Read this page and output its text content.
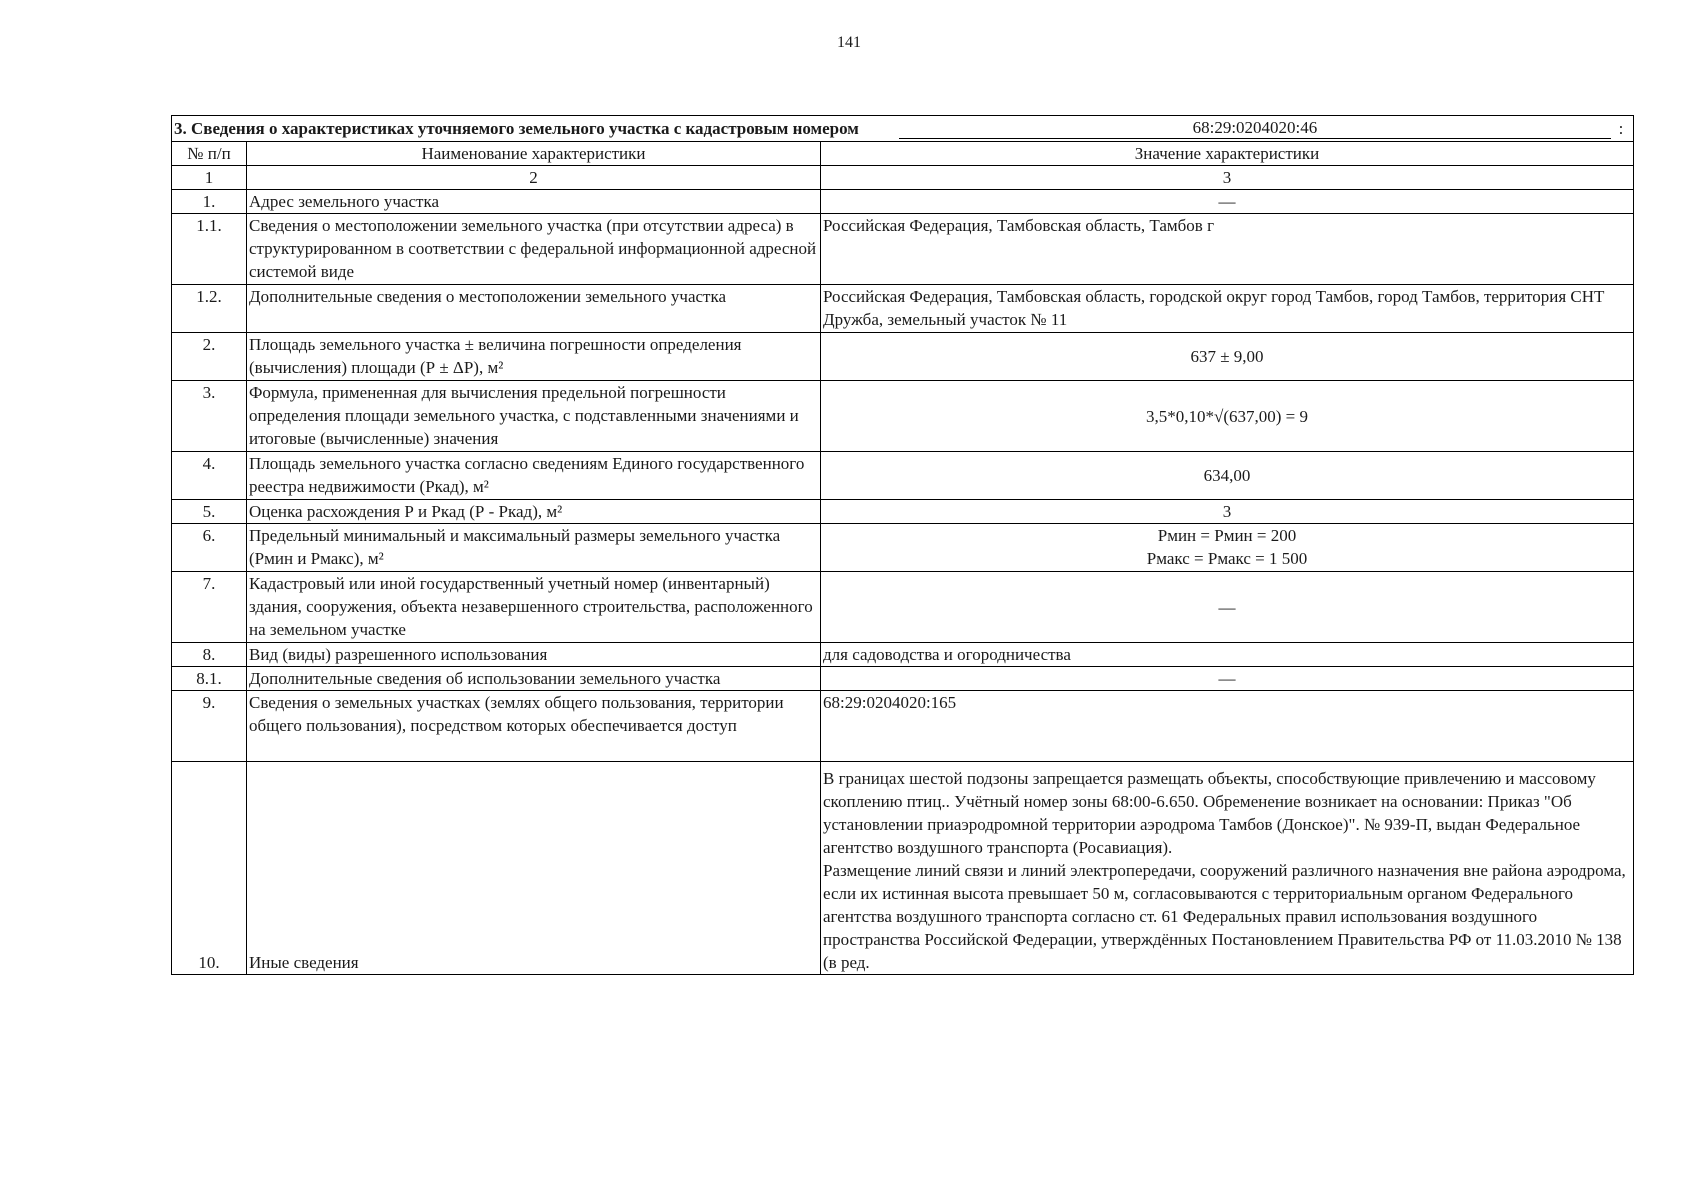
141
3. Сведения о характеристиках уточняемого земельного участка с кадастровым номером 68:29:0204020:46 :		

№ п/п	Наименование характеристики	Значение характеристики
1	2	3
1.	Адрес земельного участка	—
1.1.	Сведения о местоположении земельного участка (при отсутствии адреса) в структурированном в соответствии с федеральной информационной адресной системой виде	Российская Федерация, Тамбовская область, Тамбов г
1.2.	Дополнительные сведения о местоположении земельного участка	Российская Федерация, Тамбовская область, городской округ город Тамбов, город Тамбов, территория СНТ Дружба, земельный участок № 11
2.	Площадь земельного участка ± величина погрешности определения (вычисления) площади (Р ± ΔР), м²	637 ± 9,00
3.	Формула, примененная для вычисления предельной погрешности определения площади земельного участка, с подставленными значениями и итоговые (вычисленные) значения	3,5*0,10*√(637,00) = 9
4.	Площадь земельного участка согласно сведениям Единого государственного реестра недвижимости (Ркад), м²	634,00
5.	Оценка расхождения Р и Ркад (Р - Ркад), м²	3
6.	Предельный минимальный и максимальный размеры земельного участка (Рмин и Рмакс), м²	Рмин = Рмин = 200
Рмакс = Рмакс = 1 500
7.	Кадастровый или иной государственный учетный номер (инвентарный) здания, сооружения, объекта незавершенного строительства, расположенного на земельном участке	—
8.	Вид (виды) разрешенного использования	для садоводства и огородничества
8.1.	Дополнительные сведения об использовании земельного участка	—
9.	Сведения о земельных участках (землях общего пользования, территории общего пользования), посредством которых обеспечивается доступ	68:29:0204020:165
10.	Иные сведения	В границах шестой подзоны запрещается размещать объекты, способствующие привлечению и массовому скоплению птиц.. Учётный номер зоны 68:00-6.650. Обременение возникает на основании: Приказ "Об установлении приаэродромной территории аэродрома Тамбов (Донское)". № 939-П, выдан Федеральное агентство воздушного транспорта (Росавиация).
Размещение линий связи и линий электропередачи, сооружений различного назначения вне района аэродрома, если их истинная высота превышает 50 м, согласовываются с территориальным органом Федерального агентства воздушного транспорта согласно ст. 61 Федеральных правил использования воздушного пространства Российской Федерации, утверждённых Постановлением Правительства РФ от 11.03.2010 № 138 (в ред.
